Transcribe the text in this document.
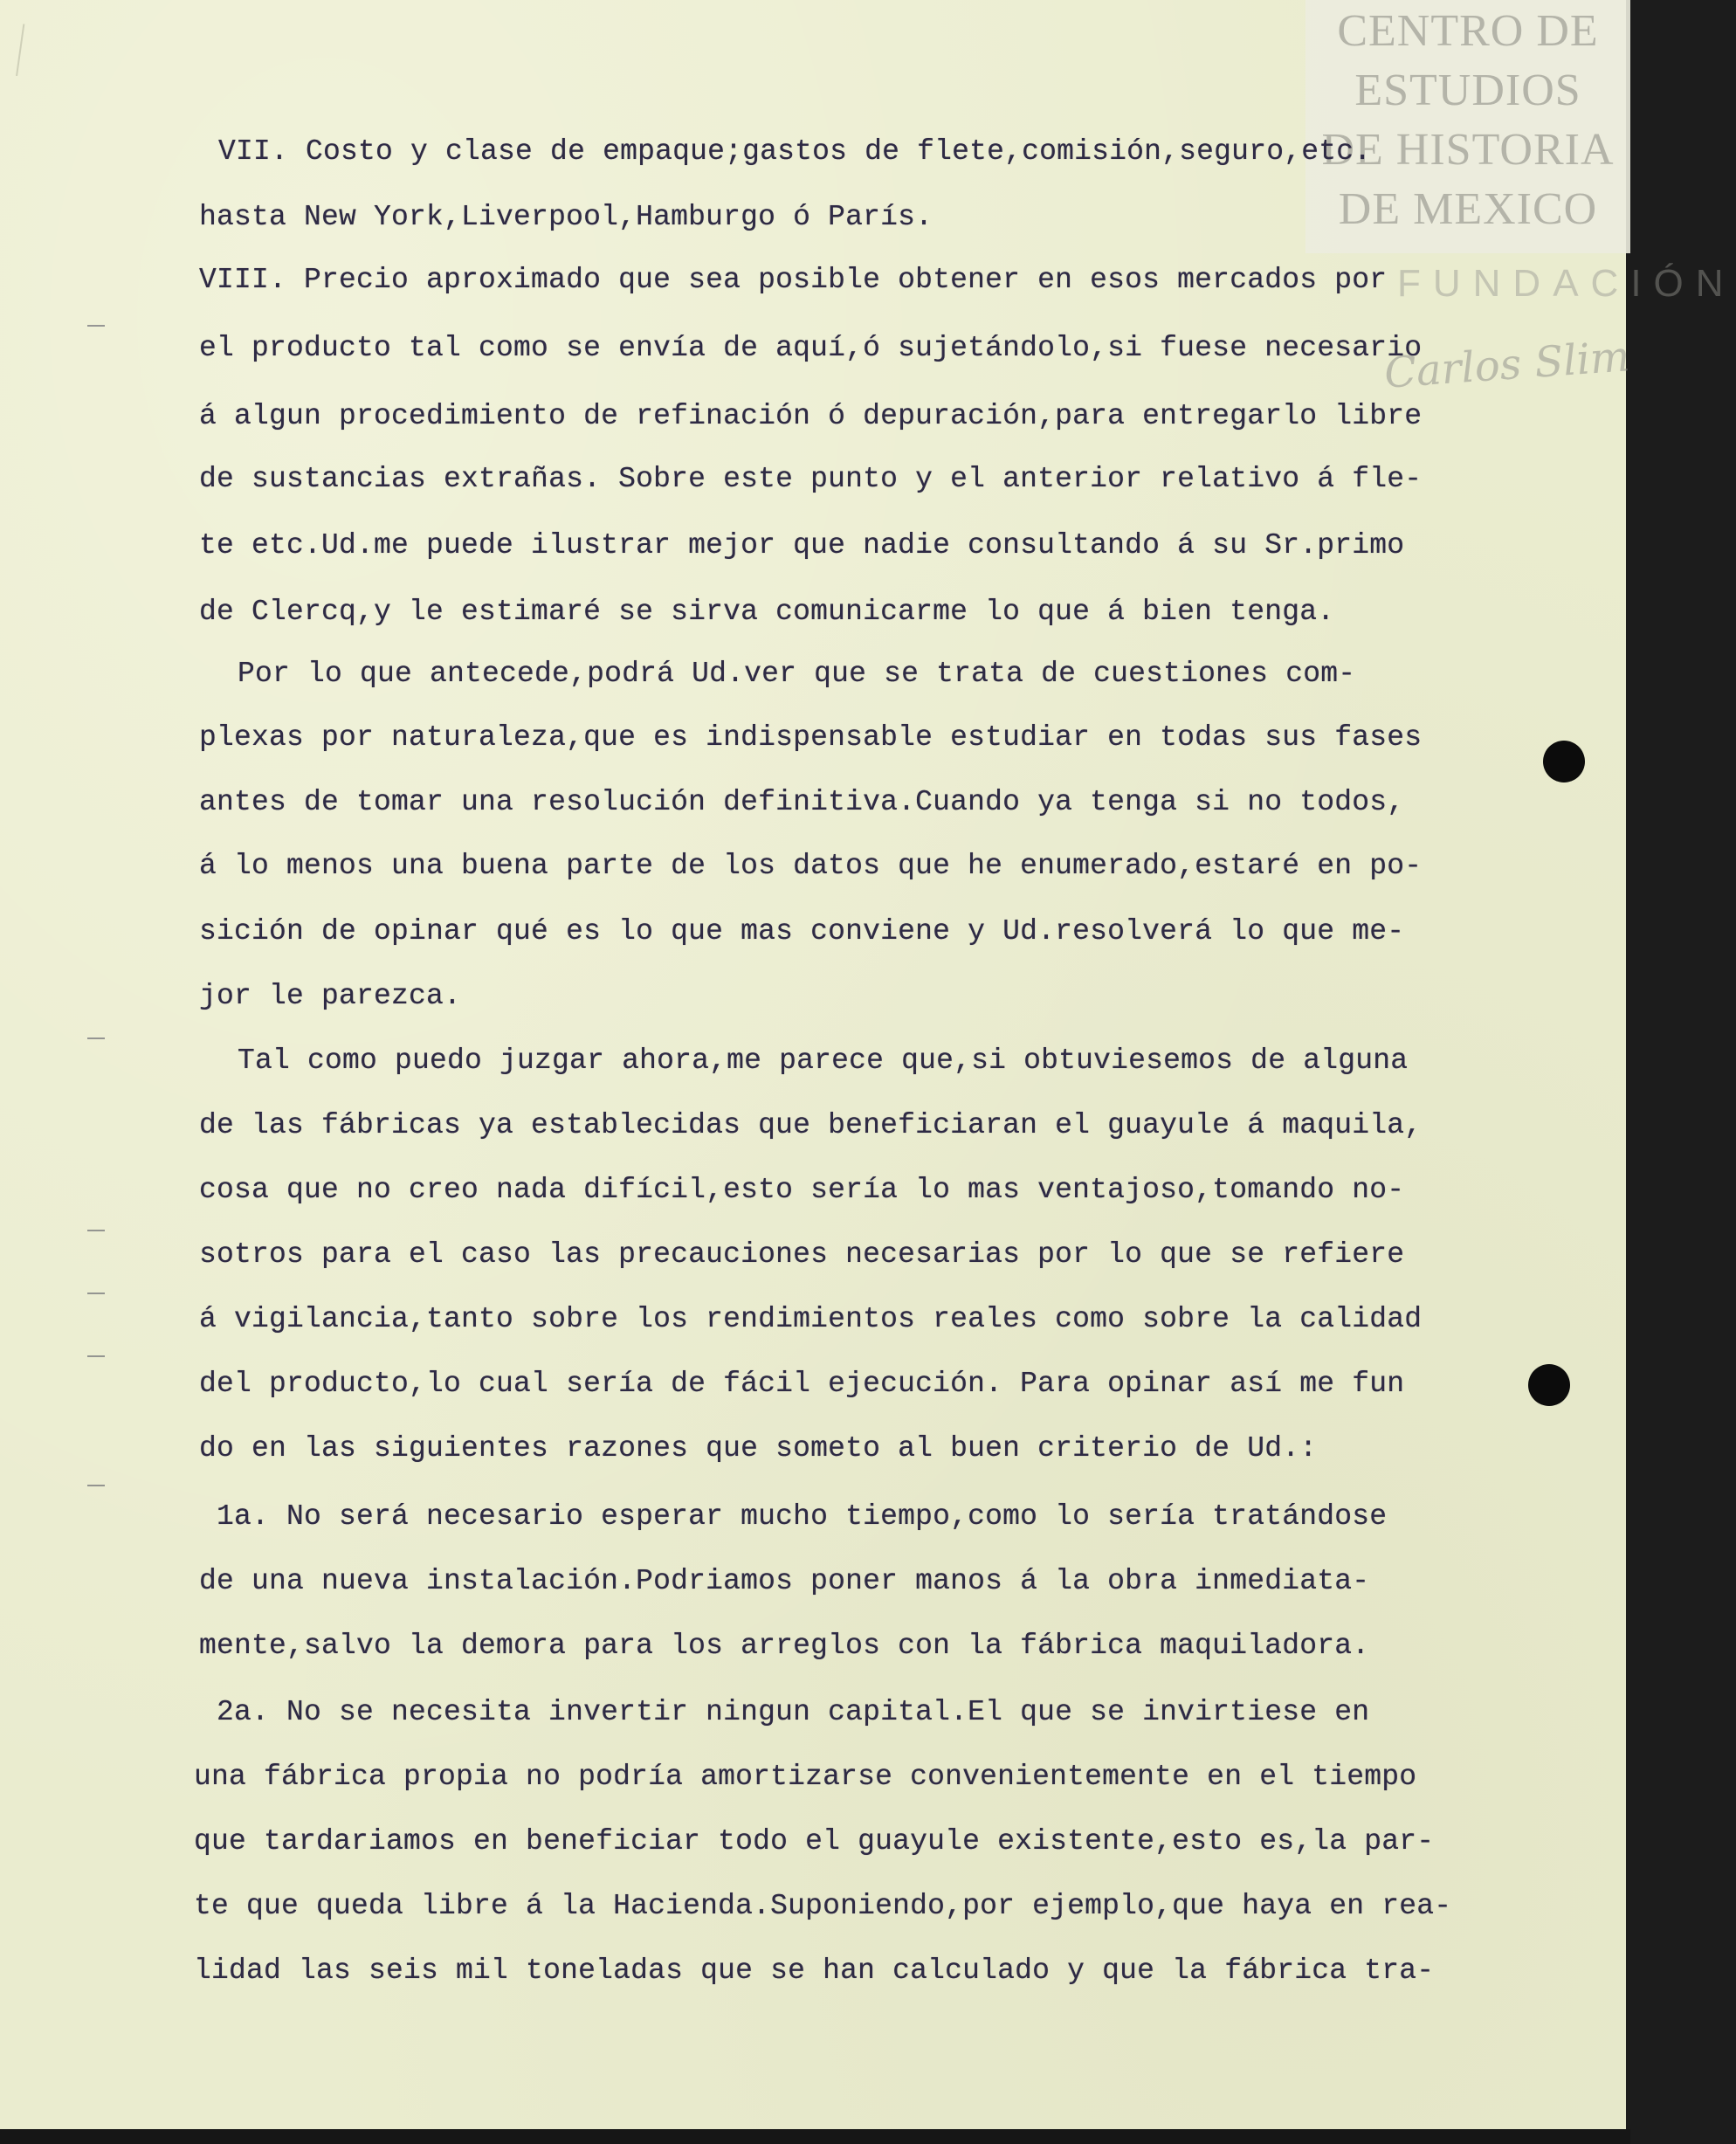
CENTRO DE
ESTUDIOS
DE HISTORIA
DE MEXICO
FUNDACIÓN
Carlos Slim
VII. Costo y clase de empaque;gastos de flete,comisión,seguro,etc.
hasta New York,Liverpool,Hamburgo ó París.
VIII. Precio aproximado que sea posible obtener en esos mercados por
el producto tal como se envía de aquí,ó sujetándolo,si fuese necesario
á algun procedimiento de refinación ó depuración,para entregarlo libre
de sustancias extrañas. Sobre este punto y el anterior relativo á fle-
te etc.Ud.me puede ilustrar mejor que nadie consultando á su Sr.primo
de Clercq,y le estimaré se sirva comunicarme lo que á bien tenga.
Por lo que antecede,podrá Ud.ver que se trata de cuestiones com-
plexas por naturaleza,que es indispensable estudiar en todas sus fases
antes de tomar una resolución definitiva.Cuando ya tenga si no todos,
á lo menos una buena parte de los datos que he enumerado,estaré en po-
sición de opinar qué es lo que mas conviene y Ud.resolverá lo que me-
jor le parezca.
Tal como puedo juzgar ahora,me parece que,si obtuviesemos de alguna
de las fábricas ya establecidas que beneficiaran el guayule á maquila,
cosa que no creo nada difícil,esto sería lo mas ventajoso,tomando no-
sotros para el caso las precauciones necesarias por lo que se refiere
á vigilancia,tanto sobre los rendimientos reales como sobre la calidad
del producto,lo cual sería de fácil ejecución. Para opinar así me fun
do en las siguientes razones que someto al buen criterio de Ud.:
1a. No será necesario esperar mucho tiempo,como lo sería tratándose
de una nueva instalación.Podriamos poner manos á la obra inmediata-
mente,salvo la demora para los arreglos con la fábrica maquiladora.
2a. No se necesita invertir ningun capital.El que se invirtiese en
una fábrica propia no podría amortizarse convenientemente en el tiempo
que tardariamos en beneficiar todo el guayule existente,esto es,la par-
te que queda libre á la Hacienda.Suponiendo,por ejemplo,que haya en rea-
lidad las seis mil toneladas que se han calculado y que la fábrica tra-
